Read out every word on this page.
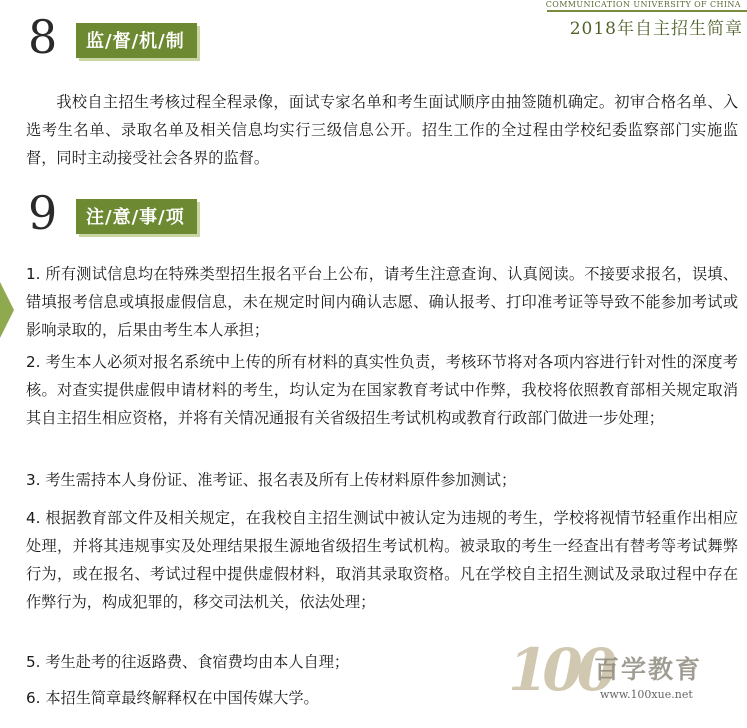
COMMUNICATION UNIVERSITY OF CHINA
2018年自主招生简章
8	监/督/机/制
我校自主招生考核过程全程录像，面试专家名单和考生面试顺序由抽签随机确定。初审合格名单、入选考生名单、录取名单及相关信息均实行三级信息公开。招生工作的全过程由学校纪委监察部门实施监督，同时主动接受社会各界的监督。
9	注/意/事/项
1. 所有测试信息均在特殊类型招生报名平台上公布，请考生注意查询、认真阅读。不接要求报名，误填、错填报考信息或填报虚假信息，未在规定时间内确认志愿、确认报考、打印准考证等导致不能参加考试或影响录取的，后果由考生本人承担；
2. 考生本人必须对报名系统中上传的所有材料的真实性负责，考核环节将对各项内容进行针对性的深度考核。对查实提供虚假申请材料的考生，均认定为在国家教育考试中作弊，我校将依照教育部相关规定取消其自主招生相应资格，并将有关情况通报有关省级招生考试机构或教育行政部门做进一步处理；
3. 考生需持本人身份证、准考证、报名表及所有上传材料原件参加测试；
4. 根据教育部文件及相关规定，在我校自主招生测试中被认定为违规的考生，学校将视情节轻重作出相应处理，并将其违规事实及处理结果报生源地省级招生考试机构。被录取的考生一经查出有替考等考试舞弊行为，或在报名、考试过程中提供虚假材料，取消其录取资格。凡在学校自主招生测试及录取过程中存在作弊行为，构成犯罪的，移交司法机关，依法处理；
5. 考生赴考的往返路费、食宿费均由本人自理；
6. 本招生简章最终解释权在中国传媒大学。	100
百学教育
www.100xue.net
